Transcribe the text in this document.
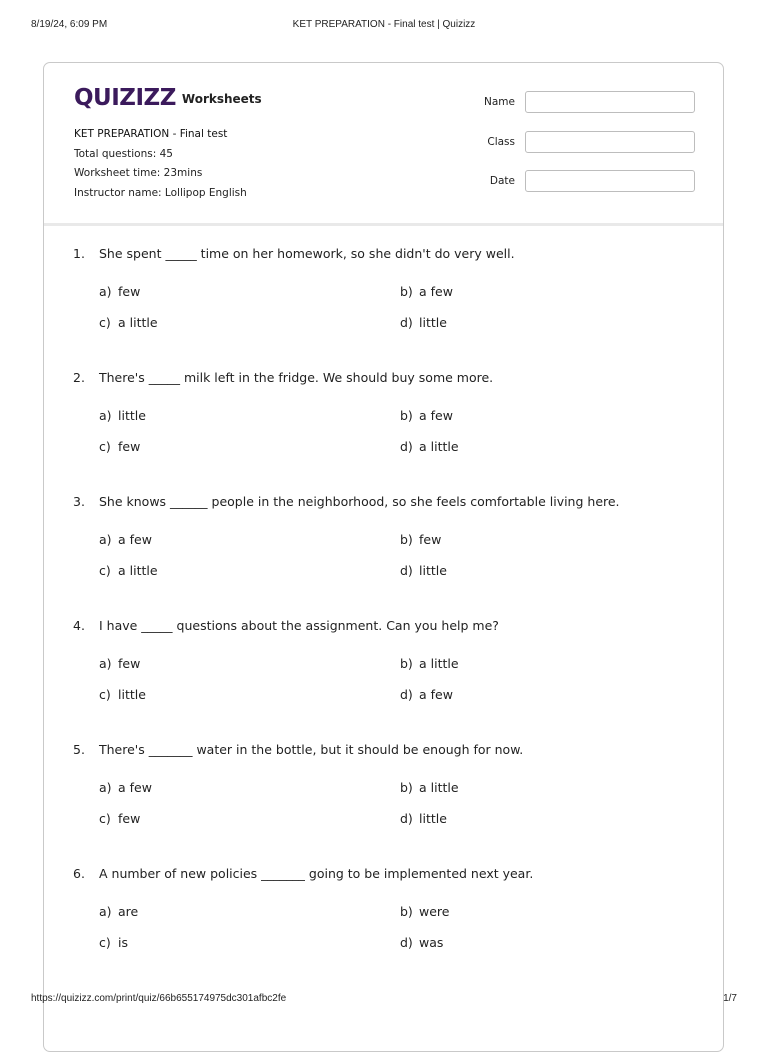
8/19/24, 6:09 PM	KET PREPARATION - Final test | Quizizz
QUIZIZZ Worksheets
KET PREPARATION - Final test
Total questions: 45
Worksheet time: 23mins
Instructor name: Lollipop English
Name
Class
Date
1. She spent _____ time on her homework, so she didn't do very well.
a) few	b) a few
c) a little	d) little
2. There's _____ milk left in the fridge. We should buy some more.
a) little	b) a few
c) few	d) a little
3. She knows ______ people in the neighborhood, so she feels comfortable living here.
a) a few	b) few
c) a little	d) little
4. I have _____ questions about the assignment. Can you help me?
a) few	b) a little
c) little	d) a few
5. There's _______ water in the bottle, but it should be enough for now.
a) a few	b) a little
c) few	d) little
6. A number of new policies _______ going to be implemented next year.
a) are	b) were
c) is	d) was
https://quizizz.com/print/quiz/66b655174975dc301afbc2fe	1/7
